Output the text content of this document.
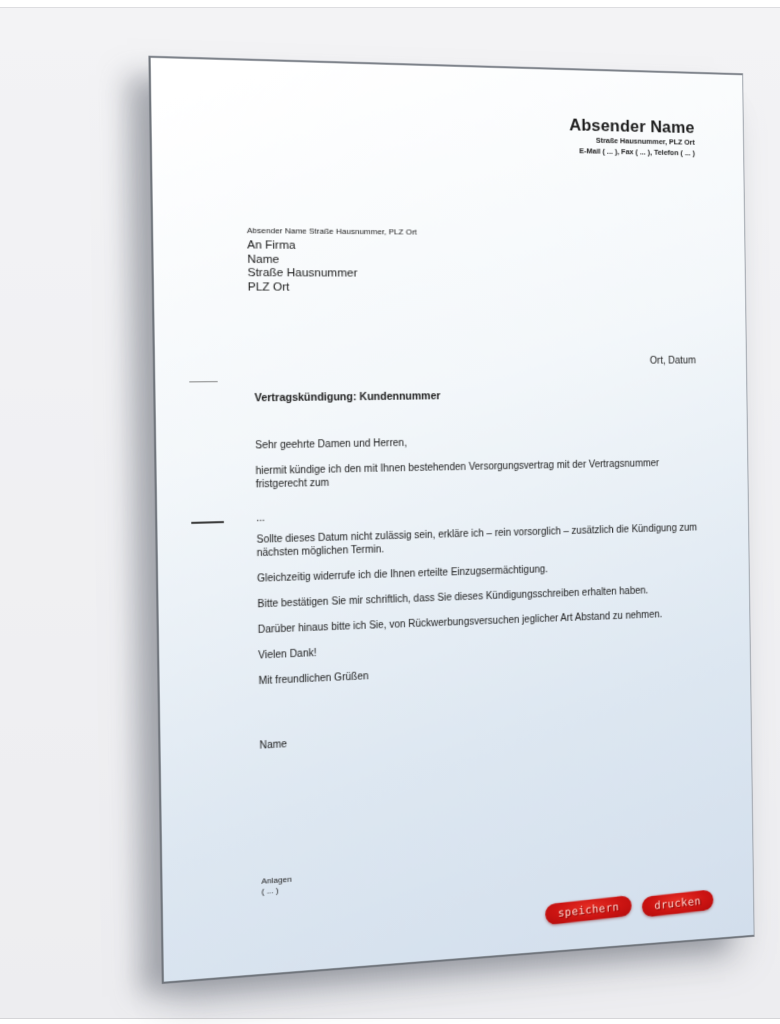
Absender Name
Straße Hausnummer, PLZ Ort
E-Mail ( ... ), Fax ( ... ), Telefon ( ... )
Absender Name Straße Hausnummer, PLZ Ort
An Firma
Name
Straße Hausnummer
PLZ Ort
Ort, Datum
Vertragskündigung: Kundennummer
Sehr geehrte Damen und Herren,
hiermit kündige ich den mit Ihnen bestehenden Versorgungsvertrag mit der Vertragsnummer
fristgerecht zum
...
Sollte dieses Datum nicht zulässig sein, erkläre ich – rein vorsorglich – zusätzlich die Kündigung zum
nächsten möglichen Termin.
Gleichzeitig widerrufe ich die Ihnen erteilte Einzugsermächtigung.
Bitte bestätigen Sie mir schriftlich, dass Sie dieses Kündigungsschreiben erhalten haben.
Darüber hinaus bitte ich Sie, von Rückwerbungsversuchen jeglicher Art Abstand zu nehmen.
Vielen Dank!
Mit freundlichen Grüßen
Name
Anlagen
( ... )
speichern	drucken
